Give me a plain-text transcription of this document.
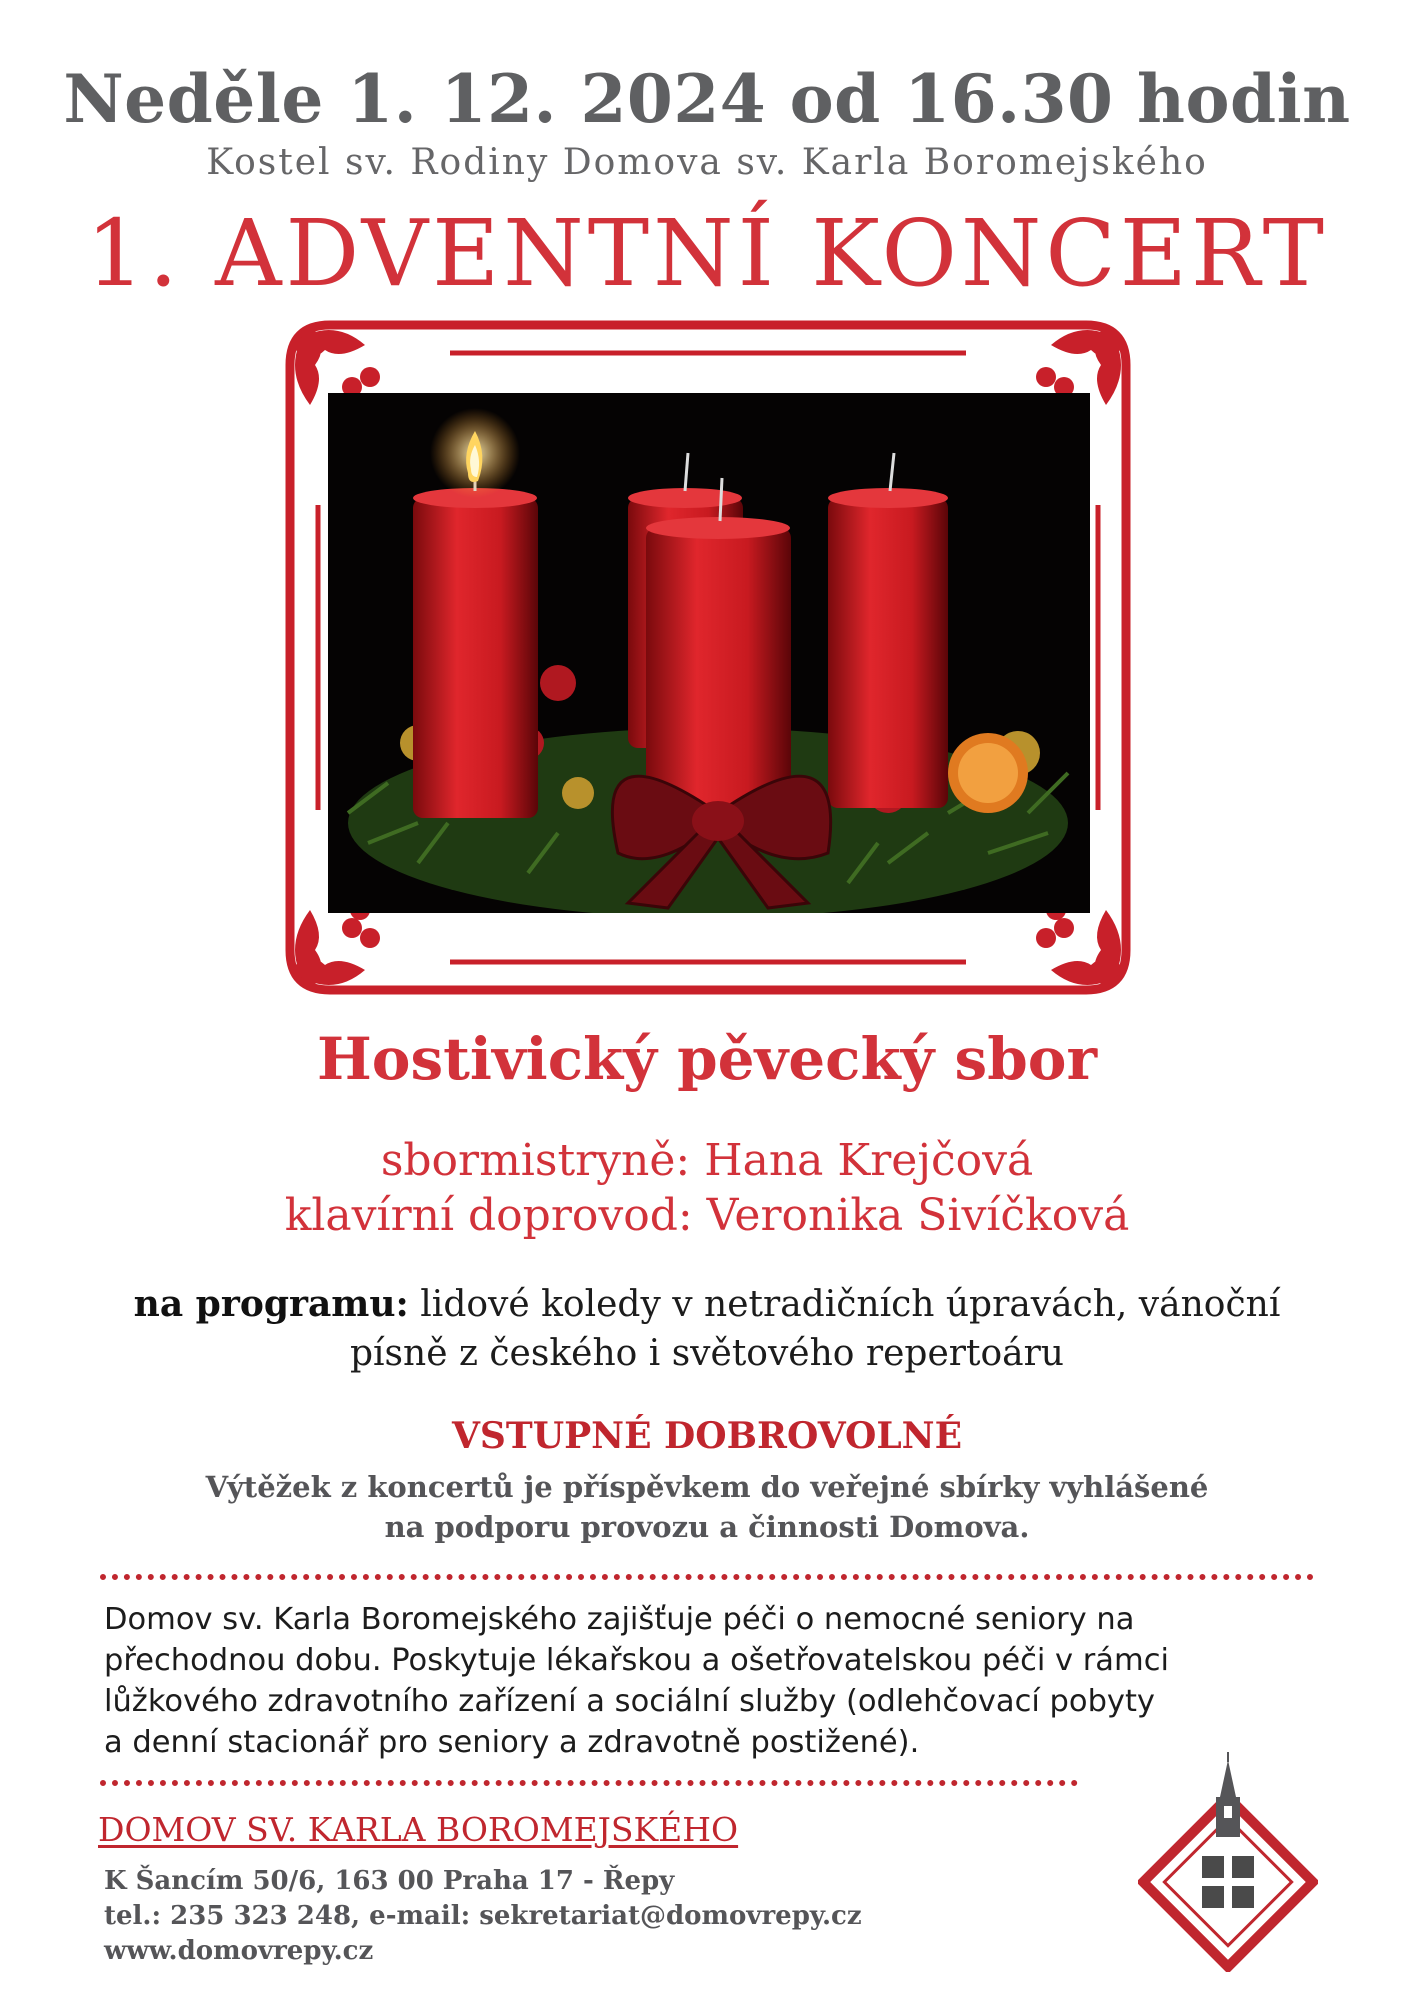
Neděle 1. 12. 2024 od 16.30 hodin
Kostel sv. Rodiny Domova sv. Karla Boromejského
1. ADVENTNÍ KONCERT
Hostivický pěvecký sbor
sbormistryně: Hana Krejčová
klavírní doprovod: Veronika Sivíčková
na programu: lidové koledy v netradičních úpravách, vánoční
písně z českého i světového repertoáru
VSTUPNÉ DOBROVOLNÉ
Výtěžek z koncertů je příspěvkem do veřejné sbírky vyhlášené
na podporu provozu a činnosti Domova.
Domov sv. Karla Boromejského zajišťuje péči o nemocné seniory na
přechodnou dobu. Poskytuje lékařskou a ošetřovatelskou péči v rámci
lůžkového zdravotního zařízení a sociální služby (odlehčovací pobyty
a denní stacionář pro seniory a zdravotně postižené).
DOMOV SV. KARLA BOROMEJSKÉHO
K Šancím 50/6, 163 00 Praha 17 - Řepy
tel.: 235 323 248, e-mail: sekretariat@domovrepy.cz
www.domovrepy.cz
